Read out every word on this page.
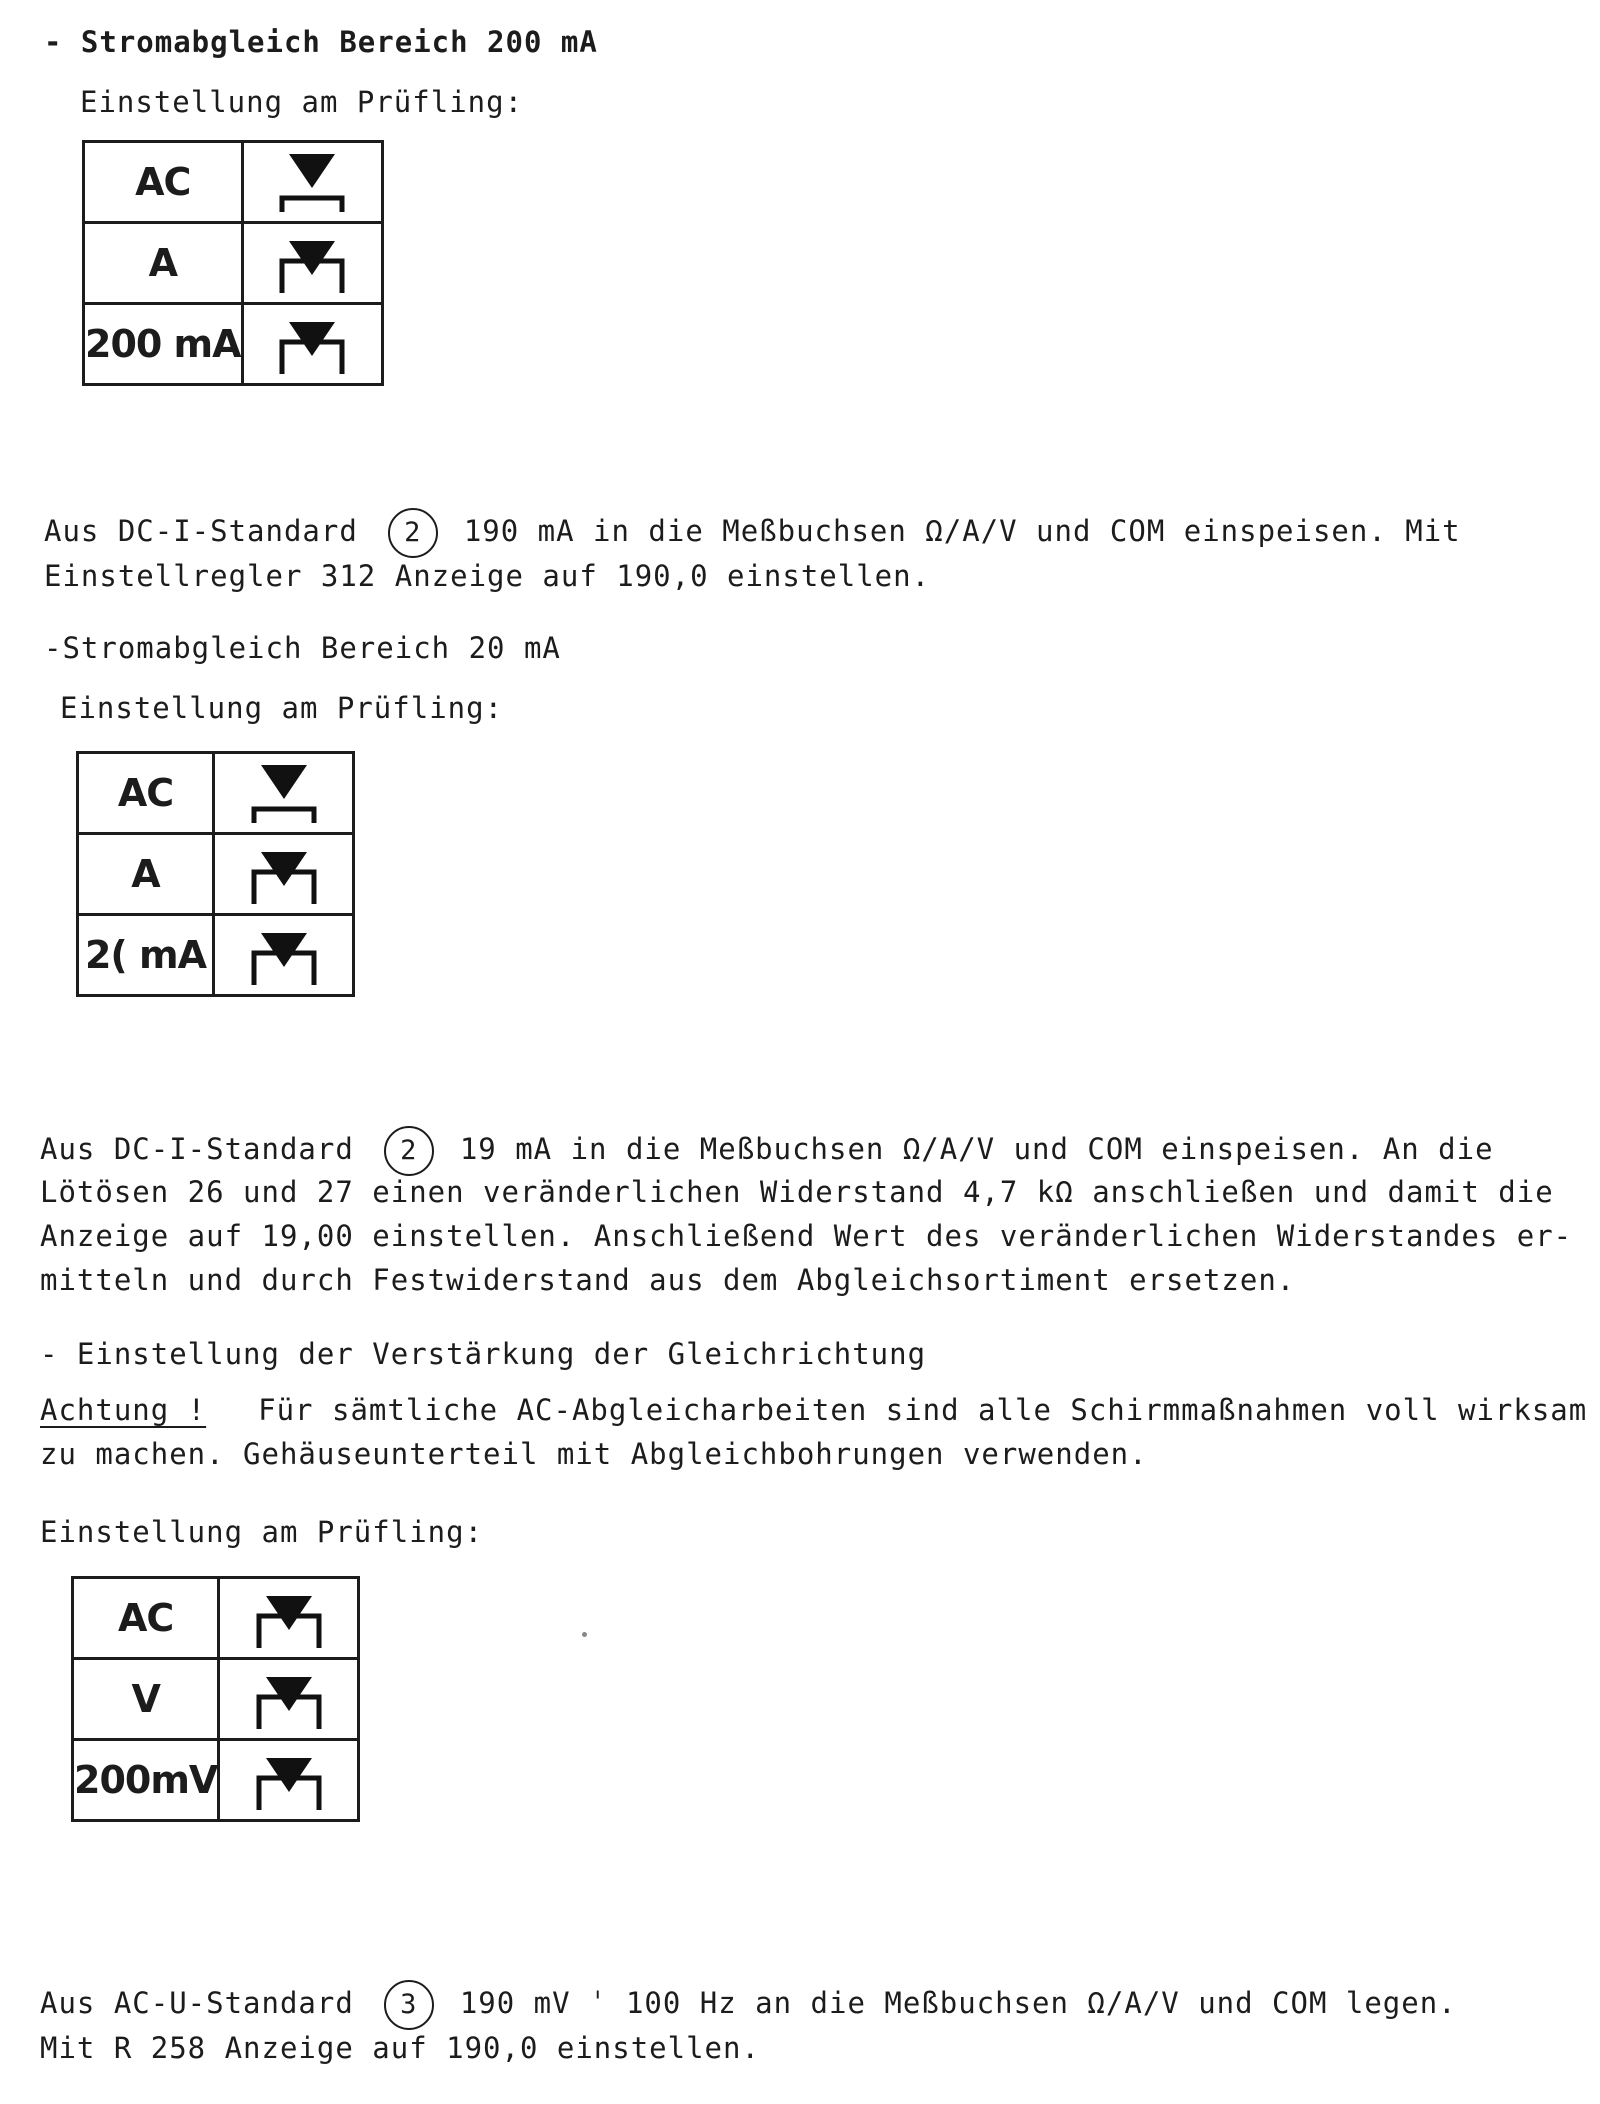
- Stromabgleich Bereich 200 mA
Einstellung am Prüfling:
AC	

A	

200 mA	
Aus DC-I-Standard 2 190 mA in die Meßbuchsen Ω/A/V und COM einspeisen. Mit
Einstellregler 312 Anzeige auf 190,0 einstellen.
-Stromabgleich Bereich 20 mA
Einstellung am Prüfling:
AC	

A	

2( mA	
Aus DC-I-Standard 2 19 mA in die Meßbuchsen Ω/A/V und COM einspeisen. An die
Lötösen 26 und 27 einen veränderlichen Widerstand 4,7 kΩ anschließen und damit die
Anzeige auf 19,00 einstellen. Anschließend Wert des veränderlichen Widerstandes er-
mitteln und durch Festwiderstand aus dem Abgleichsortiment ersetzen.
- Einstellung der Verstärkung der Gleichrichtung
Achtung ! Für sämtliche AC-Abgleicharbeiten sind alle Schirmmaßnahmen voll wirksam
zu machen. Gehäuseunterteil mit Abgleichbohrungen verwenden.
Einstellung am Prüfling:
AC	

V	

200mV	
Aus AC-U-Standard 3 190 mV ˈ 100 Hz an die Meßbuchsen Ω/A/V und COM legen.
Mit R 258 Anzeige auf 190,0 einstellen.
